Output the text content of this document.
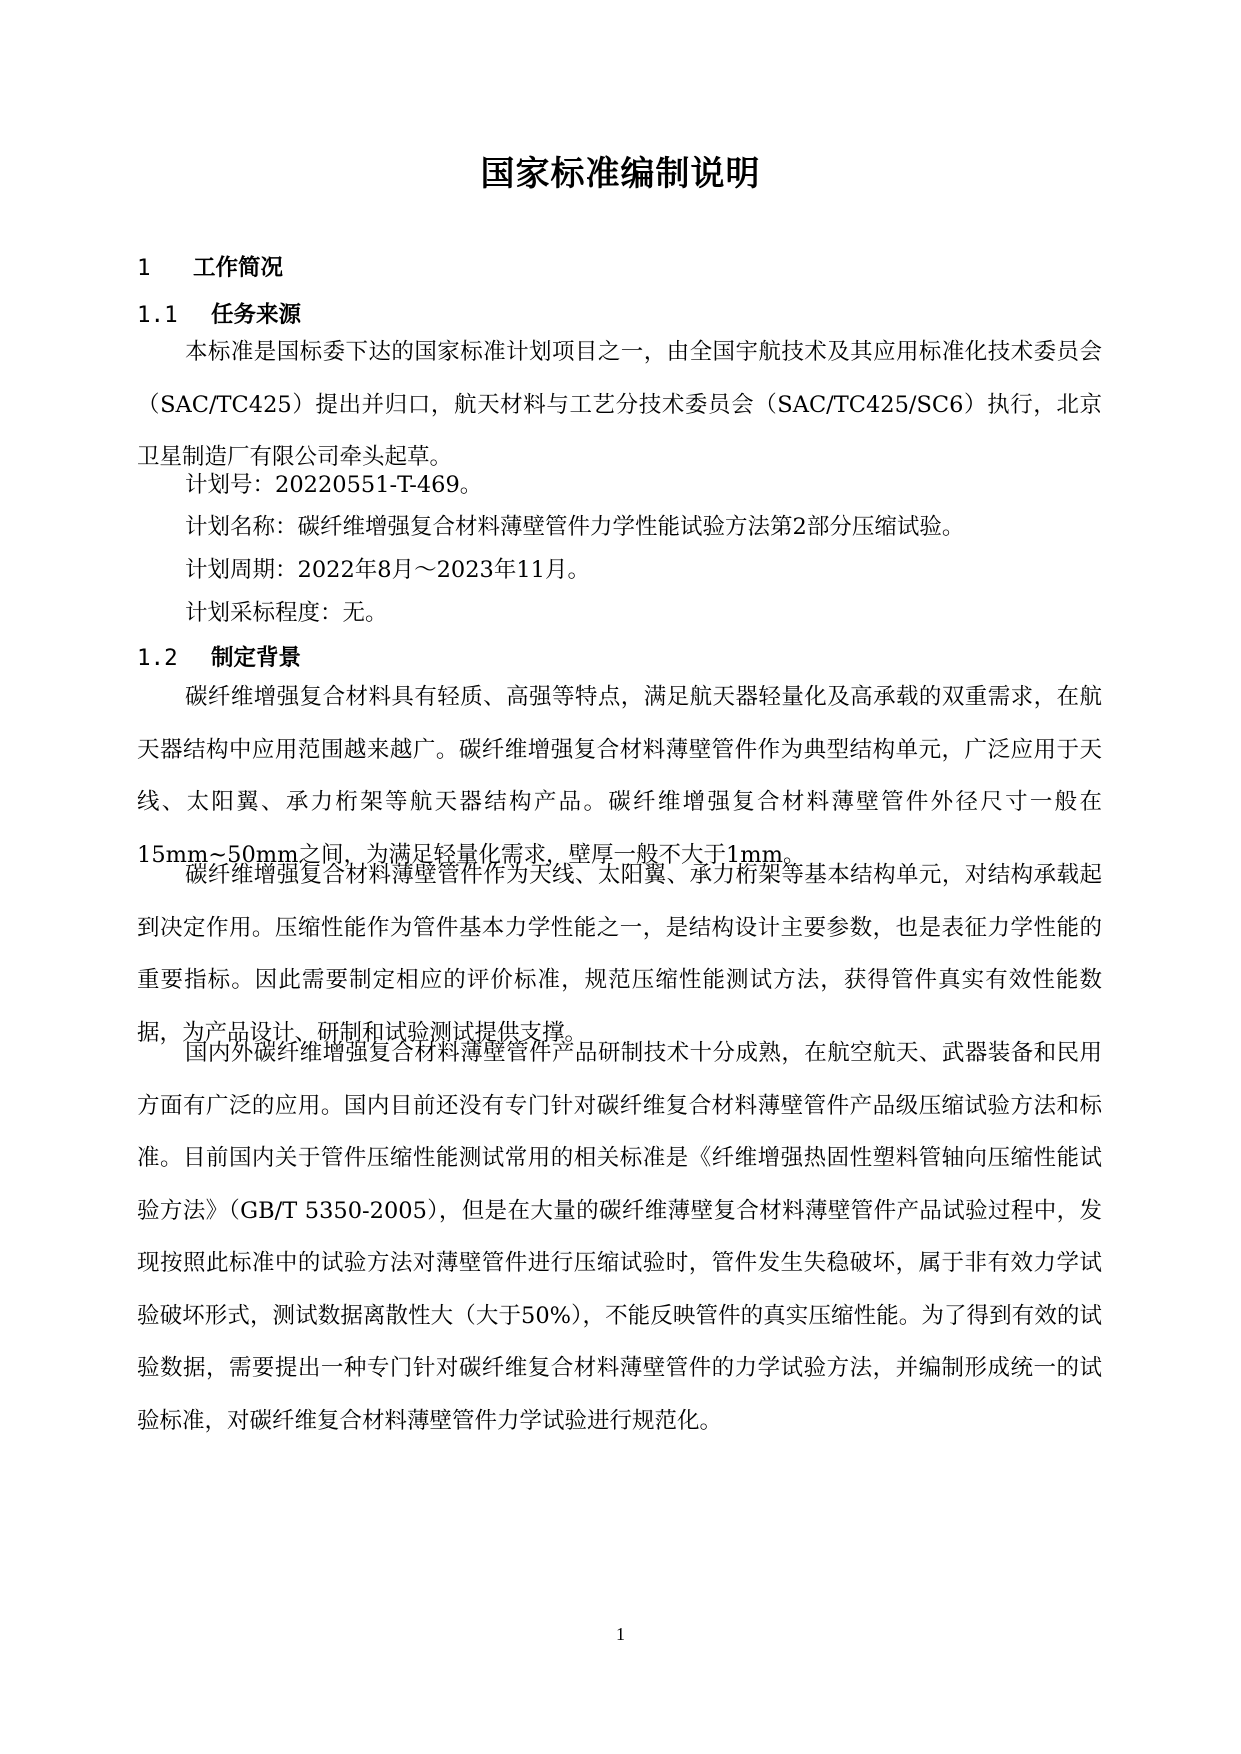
国家标准编制说明
1 工作简况
1.1 任务来源

本标准是国标委下达的国家标准计划项目之一，由全国宇航技术及其应用标准化技术委员会（SAC/TC425）提出并归口，航天材料与工艺分技术委员会（SAC/TC425/SC6）执行，北京卫星制造厂有限公司牵头起草。

计划号：20220551-T-469。
计划名称：碳纤维增强复合材料薄壁管件力学性能试验方法第2部分压缩试验。
计划周期：2022年8月～2023年11月。
计划采标程度：无。
1.2 制定背景

碳纤维增强复合材料具有轻质、高强等特点，满足航天器轻量化及高承载的双重需求，在航天器结构中应用范围越来越广。碳纤维增强复合材料薄壁管件作为典型结构单元，广泛应用于天线、太阳翼、承力桁架等航天器结构产品。碳纤维增强复合材料薄壁管件外径尺寸一般在15mm~50mm之间，为满足轻量化需求，壁厚一般不大于1mm。

碳纤维增强复合材料薄壁管件作为天线、太阳翼、承力桁架等基本结构单元，对结构承载起到决定作用。压缩性能作为管件基本力学性能之一，是结构设计主要参数，也是表征力学性能的重要指标。因此需要制定相应的评价标准，规范压缩性能测试方法，获得管件真实有效性能数据，为产品设计、研制和试验测试提供支撑。

国内外碳纤维增强复合材料薄壁管件产品研制技术十分成熟，在航空航天、武器装备和民用方面有广泛的应用。国内目前还没有专门针对碳纤维复合材料薄壁管件产品级压缩试验方法和标准。目前国内关于管件压缩性能测试常用的相关标准是《纤维增强热固性塑料管轴向压缩性能试验方法》（GB/T 5350-2005），但是在大量的碳纤维薄壁复合材料薄壁管件产品试验过程中，发现按照此标准中的试验方法对薄壁管件进行压缩试验时，管件发生失稳破坏，属于非有效力学试验破坏形式，测试数据离散性大（大于50%），不能反映管件的真实压缩性能。为了得到有效的试验数据，需要提出一种专门针对碳纤维复合材料薄壁管件的力学试验方法，并编制形成统一的试验标准，对碳纤维复合材料薄壁管件力学试验进行规范化。

1
